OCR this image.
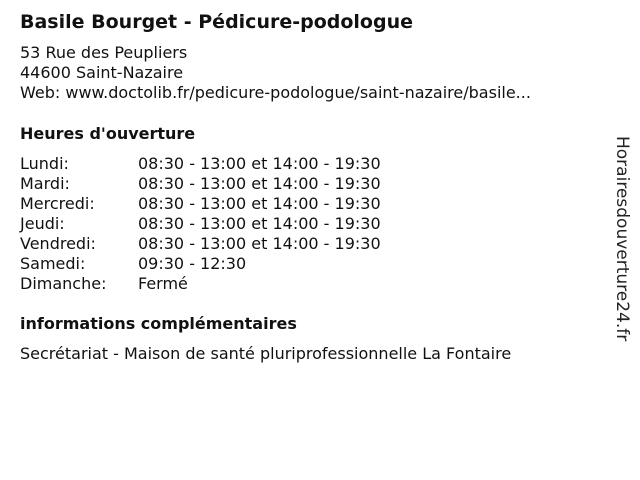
Basile Bourget - Pédicure-podologue
53 Rue des Peupliers
44600 Saint-Nazaire
Web: www.doctolib.fr/pedicure-podologue/saint-nazaire/basile...
Heures d'ouverture
Lundi:	08:30 - 13:00 et 14:00 - 19:30
Mardi:	08:30 - 13:00 et 14:00 - 19:30
Mercredi:	08:30 - 13:00 et 14:00 - 19:30
Jeudi:	08:30 - 13:00 et 14:00 - 19:30
Vendredi:	08:30 - 13:00 et 14:00 - 19:30
Samedi:	09:30 - 12:30
Dimanche:	Fermé
informations complémentaires
Secrétariat - Maison de santé pluriprofessionnelle La Fontaire
Horairesdouverture24.fr
